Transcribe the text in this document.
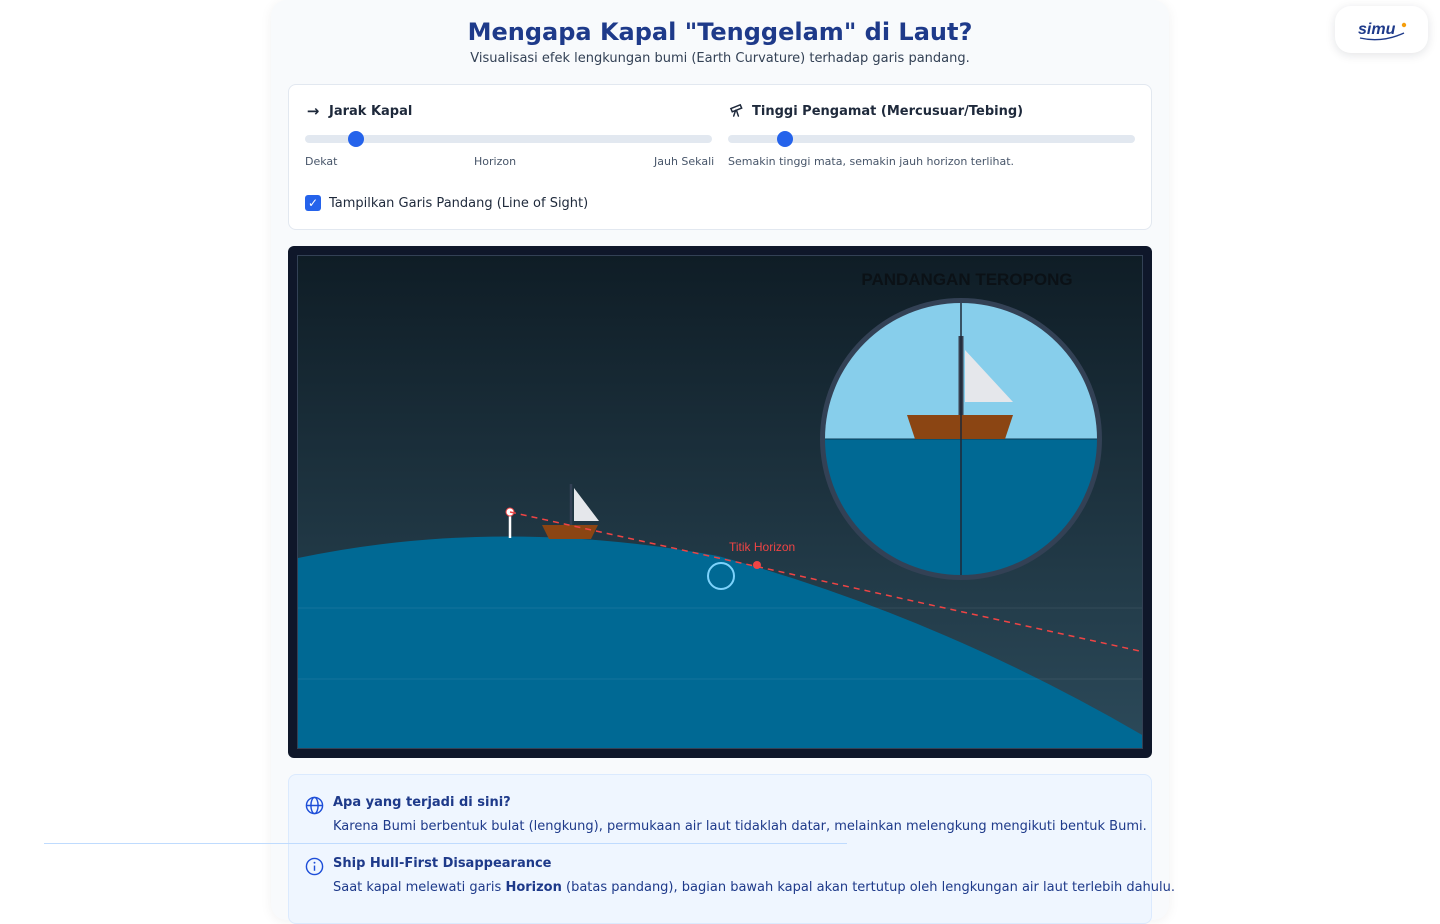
Mengapa Kapal "Tenggelam" di Laut?
Visualisasi efek lengkungan bumi (Earth Curvature) terhadap garis pandang.
→ Jarak Kapal
Dekat	Horizon	Jauh Sekali
Tinggi Pengamat (Mercusuar/Tebing)
Semakin tinggi mata, semakin jauh horizon terlihat.
✓ Tampilkan Garis Pandang (Line of Sight)
Titik Horizon
PANDANGAN TEROPONG
Apa yang terjadi di sini?
Karena Bumi berbentuk bulat (lengkung), permukaan air laut tidaklah datar, melainkan melengkung mengikuti bentuk Bumi.
Ship Hull-First Disappearance
Saat kapal melewati garis Horizon (batas pandang), bagian bawah kapal akan tertutup oleh lengkungan air laut terlebih dahulu.
simu
